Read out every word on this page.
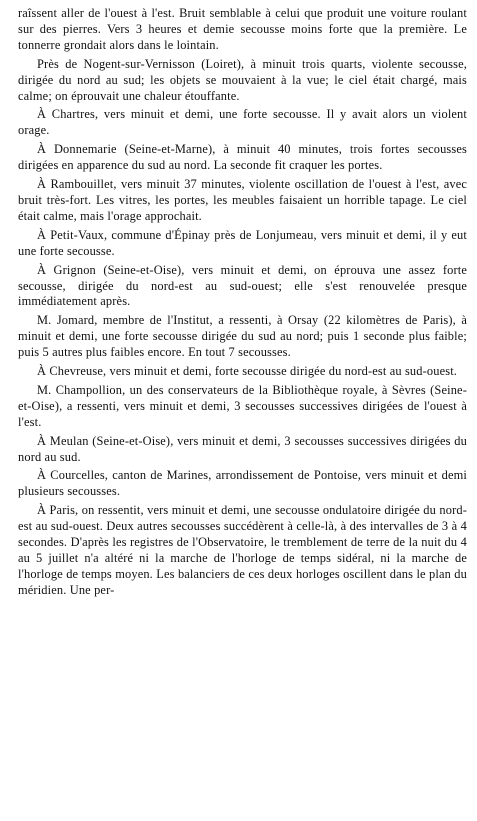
raîssent aller de l'ouest à l'est. Bruit semblable à celui que produit une voiture roulant sur des pierres. Vers 3 heures et demie secousse moins forte que la première. Le tonnerre grondait alors dans le lointain.

Près de Nogent-sur-Vernisson (Loiret), à minuit trois quarts, violente secousse, dirigée du nord au sud; les objets se mouvaient à la vue; le ciel était chargé, mais calme; on éprouvait une chaleur étouffante.

À Chartres, vers minuit et demi, une forte secousse. Il y avait alors un violent orage.

À Donnemarie (Seine-et-Marne), à minuit 40 minutes, trois fortes secousses dirigées en apparence du sud au nord. La seconde fit craquer les portes.

À Rambouillet, vers minuit 37 minutes, violente oscillation de l'ouest à l'est, avec bruit très-fort. Les vitres, les portes, les meubles faisaient un horrible tapage. Le ciel était calme, mais l'orage approchait.

À Petit-Vaux, commune d'Épinay près de Lonjumeau, vers minuit et demi, il y eut une forte secousse.

À Grignon (Seine-et-Oise), vers minuit et demi, on éprouva une assez forte secousse, dirigée du nord-est au sud-ouest; elle s'est renouvelée presque immédiatement après.

M. Jomard, membre de l'Institut, a ressenti, à Orsay (22 kilomètres de Paris), à minuit et demi, une forte secousse dirigée du sud au nord; puis 1 seconde plus faible; puis 5 autres plus faibles encore. En tout 7 secousses.

À Chevreuse, vers minuit et demi, forte secousse dirigée du nord-est au sud-ouest.

M. Champollion, un des conservateurs de la Bibliothèque royale, à Sèvres (Seine-et-Oise), a ressenti, vers minuit et demi, 3 secousses successives dirigées de l'ouest à l'est.

À Meulan (Seine-et-Oise), vers minuit et demi, 3 secousses successives dirigées du nord au sud.

À Courcelles, canton de Marines, arrondissement de Pontoise, vers minuit et demi plusieurs secousses.

À Paris, on ressentit, vers minuit et demi, une secousse ondulatoire dirigée du nord-est au sud-ouest. Deux autres secousses succédèrent à celle-là, à des intervalles de 3 à 4 secondes. D'après les registres de l'Observatoire, le tremblement de terre de la nuit du 4 au 5 juillet n'a altéré ni la marche de l'horloge de temps sidéral, ni la marche de l'horloge de temps moyen. Les balanciers de ces deux horloges oscillent dans le plan du méridien. Une per-
